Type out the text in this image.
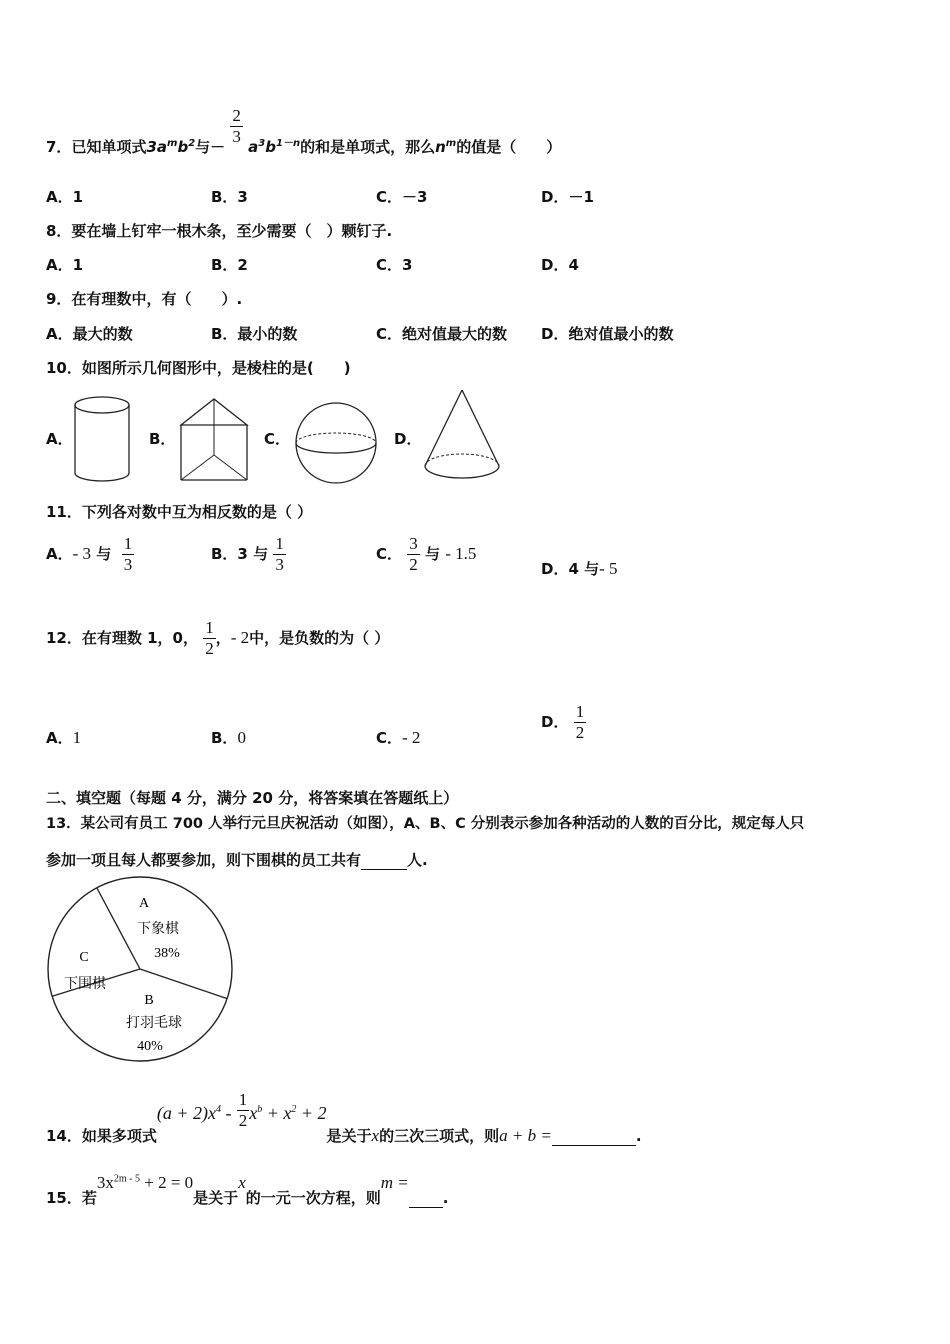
7．已知单项式$3a^mb^2$与－ $\frac{2}{3} a^3b^{1-n}$的和是单项式，那么$n^m$的值是（　　）
A．1	B．3	C．－3	D．－1
8．要在墙上钉牢一根木条，至少需要（　）颗钉子.
A．1	B．2	C．3	D．4
9．在有理数中，有（　　）.
A．最大的数	B．最小的数	C．绝对值最大的数 D．绝对值最小的数
10．如图所示几何图形中，是棱柱的是(　　)
A．	B．	C．	D．
11．下列各对数中互为相反数的是（ ）
A．- 3 与 $\frac{1}{3}$	B．3 与 $\frac{1}{3}$	C． $\frac{3}{2}$ 与 - 1.5
D．4 与- 5
12．在有理数 1，0， $\frac{1}{2}$ ，- 2中，是负数的为（ ）
A．1	B．0	C．- 2
D． $\frac{1}{2}$
二、填空题（每题 4 分，满分 20 分，将答案填在答题纸上）
13．某公司有员工 700 人举行元旦庆祝活动（如图），A、B、C 分别表示参加各种活动的人数的百分比，规定每人只
参加一项且每人都要参加，则下围棋的员工共有	人.
A
下象棋
38%
C
下围棋
B
打羽毛球
40%
14．如果多项式$(a + 2)x^4 - \frac{1}{2} x^b + x^2 + 2$是关于x的三次三项式，则a + b =	.
15．若$3x^{2m - 5} + 2 = 0$是关于x的一元一次方程，则m = .
